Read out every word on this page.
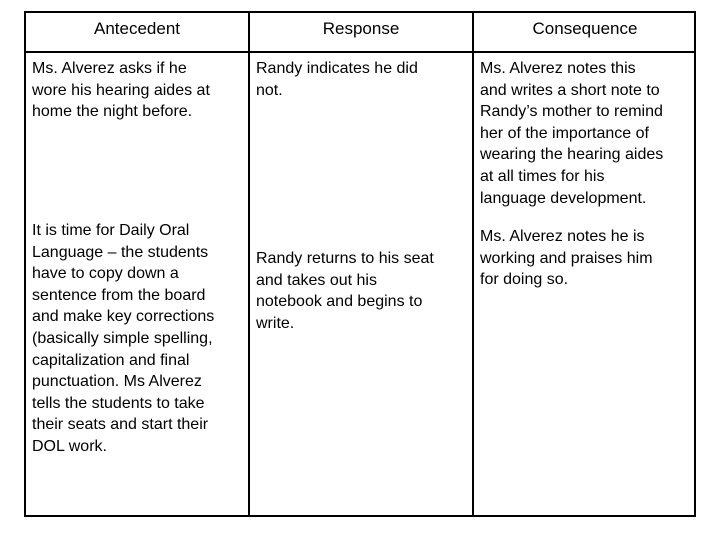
Antecedent	Response	Consequence
Ms. Alverez asks if he
wore his hearing aides at
home the night before.
Randy indicates he did
not.
Ms. Alverez notes this
and writes a short note to
Randy’s mother to remind
her of the importance of
wearing the hearing aides
at all times for his
language development.
It is time for Daily Oral
Language – the students
have to copy down a
sentence from the board
and make key corrections
(basically simple spelling,
capitalization and final
punctuation. Ms Alverez
tells the students to take
their seats and start their
DOL work.
Randy returns to his seat
and takes out his
notebook and begins to
write.
Ms. Alverez notes he is
working and praises him
for doing so.
